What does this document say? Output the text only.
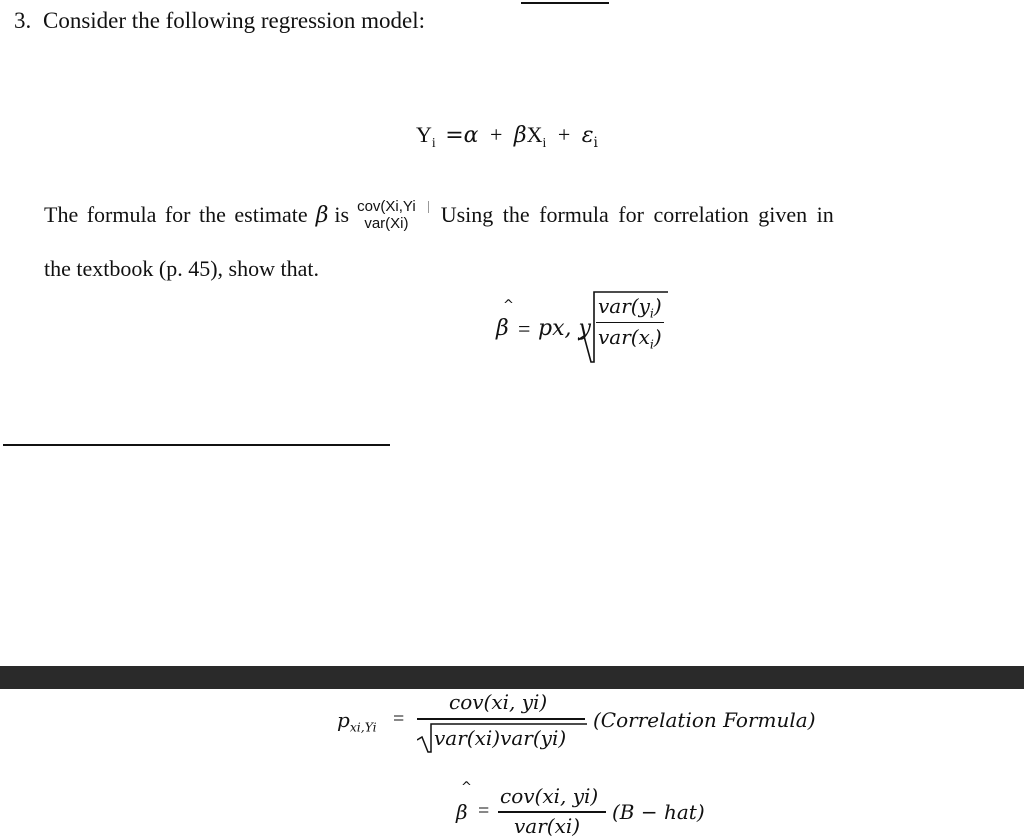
3. Consider the following regression model:
$Y_i =\alpha + \beta X_i + \varepsilon_i$
The formula for the estimate β is cov(Xi,Yi
var(Xi) Using the formula for correlation given in
the textbook (p. 45), show that.
^
β = px, y
$var(y_i)$
$var(x_i)$
$p_{xi,Yi}$ =
cov(xi, yi)
var(xi)var(yi)
(Correlation Formula)
^
β =
cov(xi, yi)
var(xi)
(B − hat)
